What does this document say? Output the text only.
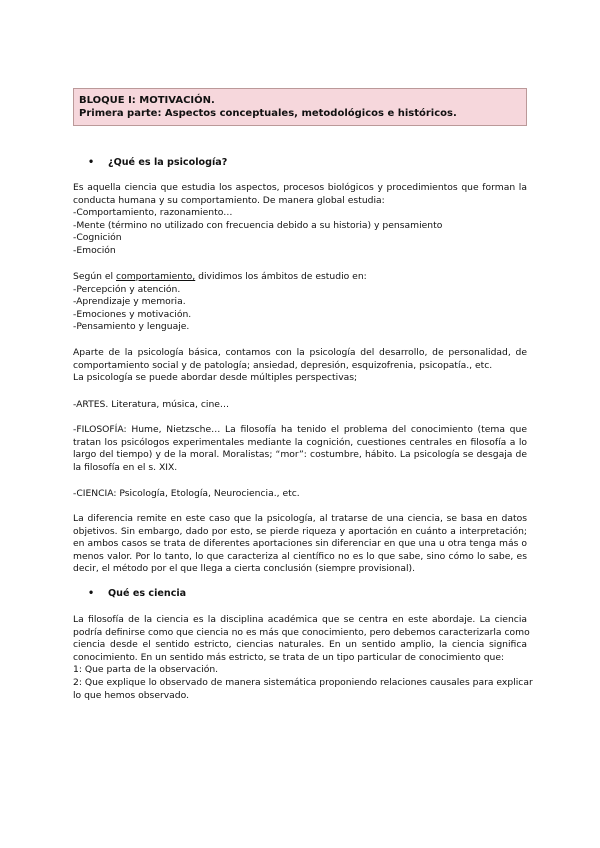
BLOQUE I: MOTIVACIÓN.
Primera parte: Aspectos conceptuales, metodológicos e históricos.
• ¿Qué es la psicología?
Es aquella ciencia que estudia los aspectos, procesos biológicos y procedimientos que forman la
conducta humana y su comportamiento. De manera global estudia:
-Comportamiento, razonamiento…
-Mente (término no utilizado con frecuencia debido a su historia) y pensamiento
-Cognición
-Emoción
Según el comportamiento, dividimos los ámbitos de estudio en:
-Percepción y atención.
-Aprendizaje y memoria.
-Emociones y motivación.
-Pensamiento y lenguaje.
Aparte de la psicología básica, contamos con la psicología del desarrollo, de personalidad, de
comportamiento social y de patología; ansiedad, depresión, esquizofrenia, psicopatía., etc.
La psicología se puede abordar desde múltiples perspectivas;
-ARTES. Literatura, música, cine…
-FILOSOFÍA: Hume, Nietzsche… La filosofía ha tenido el problema del conocimiento (tema que
tratan los psicólogos experimentales mediante la cognición, cuestiones centrales en filosofía a lo
largo del tiempo) y de la moral. Moralistas; “mor”: costumbre, hábito. La psicología se desgaja de
la filosofía en el s. XIX.
-CIENCIA: Psicología, Etología, Neurociencia., etc.
La diferencia remite en este caso que la psicología, al tratarse de una ciencia, se basa en datos
objetivos. Sin embargo, dado por esto, se pierde riqueza y aportación en cuánto a interpretación;
en ambos casos se trata de diferentes aportaciones sin diferenciar en que una u otra tenga más o
menos valor. Por lo tanto, lo que caracteriza al científico no es lo que sabe, sino cómo lo sabe, es
decir, el método por el que llega a cierta conclusión (siempre provisional).
• Qué es ciencia
La filosofía de la ciencia es la disciplina académica que se centra en este abordaje. La ciencia
podría definirse como que ciencia no es más que conocimiento, pero debemos caracterizarla como
ciencia desde el sentido estricto, ciencias naturales. En un sentido amplio, la ciencia significa
conocimiento. En un sentido más estricto, se trata de un tipo particular de conocimiento que:
1: Que parta de la observación.
2: Que explique lo observado de manera sistemática proponiendo relaciones causales para explicar
lo que hemos observado.
